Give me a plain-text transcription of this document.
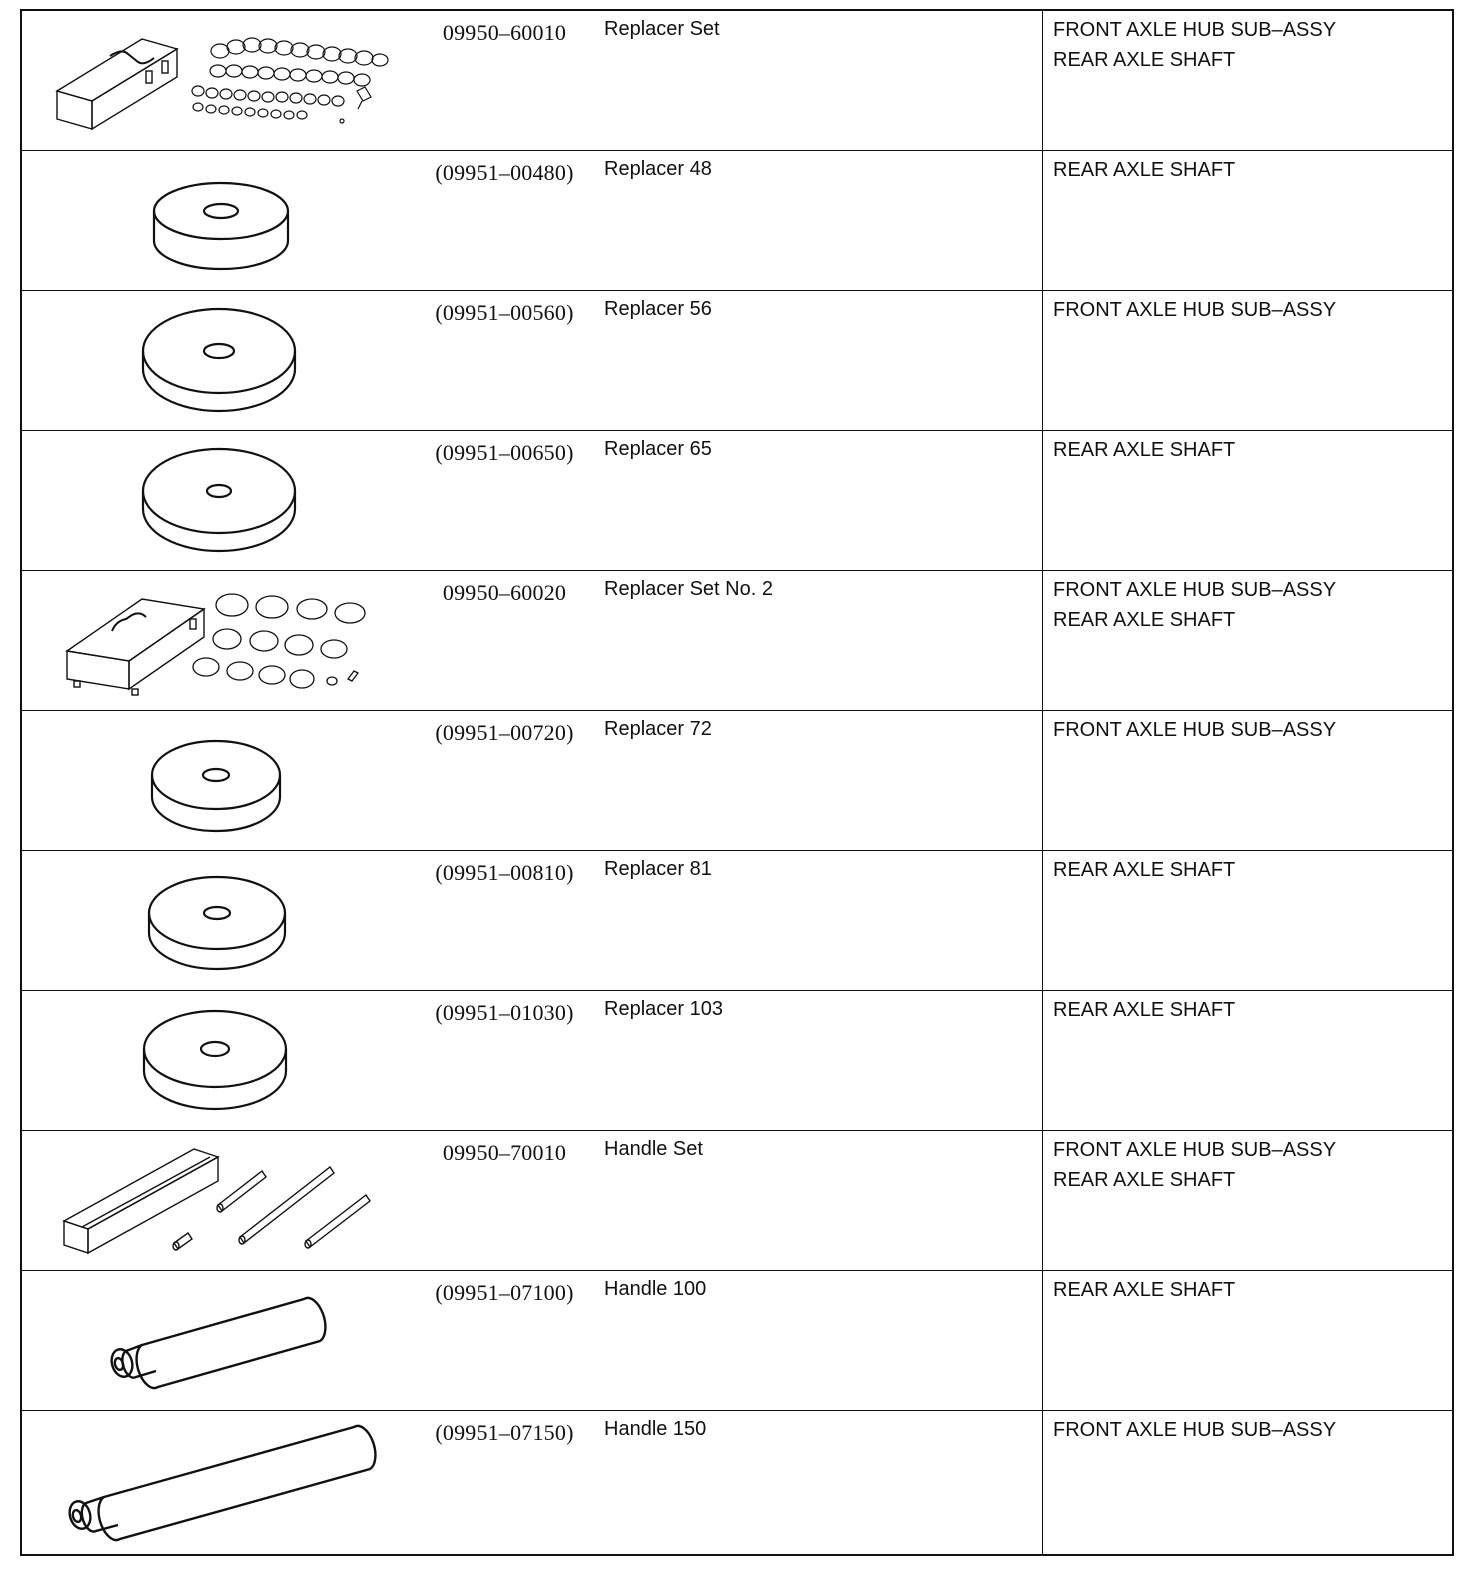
09950–60010	Replacer Set	FRONT AXLE HUB SUB–ASSY
REAR AXLE SHAFT

(09951–00480)	Replacer 48	REAR AXLE SHAFT

(09951–00560)	Replacer 56	FRONT AXLE HUB SUB–ASSY

(09951–00650)	Replacer 65	REAR AXLE SHAFT

09950–60020	Replacer Set No. 2	FRONT AXLE HUB SUB–ASSY
REAR AXLE SHAFT

(09951–00720)	Replacer 72	FRONT AXLE HUB SUB–ASSY

(09951–00810)	Replacer 81	REAR AXLE SHAFT

(09951–01030)	Replacer 103	REAR AXLE SHAFT

09950–70010	Handle Set	FRONT AXLE HUB SUB–ASSY
REAR AXLE SHAFT

(09951–07100)	Handle 100	REAR AXLE SHAFT

(09951–07150)	Handle 150	FRONT AXLE HUB SUB–ASSY
